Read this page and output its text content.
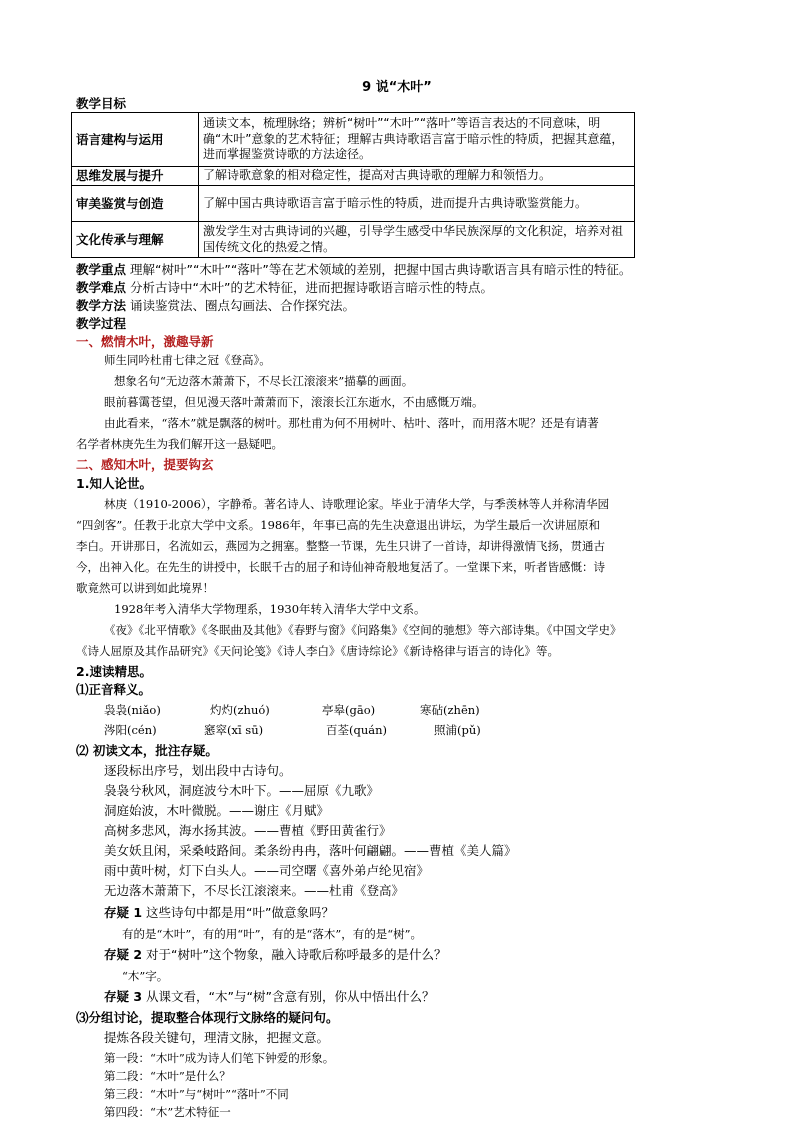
9 说“木叶”
教学目标
语言建构与运用	通读文本，梳理脉络；辨析“树叶”“木叶”“落叶”等语言表达的不同意味，明确“木叶”意象的艺术特征；理解古典诗歌语言富于暗示性的特质，把握其意蕴，进而掌握鉴赏诗歌的方法途径。
思维发展与提升	了解诗歌意象的相对稳定性，提高对古典诗歌的理解力和领悟力。
审美鉴赏与创造	了解中国古典诗歌语言富于暗示性的特质，进而提升古典诗歌鉴赏能力。
文化传承与理解	激发学生对古典诗词的兴趣，引导学生感受中华民族深厚的文化积淀，培养对祖国传统文化的热爱之情。
教学重点 理解“树叶”“木叶”“落叶”等在艺术领域的差别，把握中国古典诗歌语言具有暗示性的特征。
教学难点 分析古诗中“木叶”的艺术特征，进而把握诗歌语言暗示性的特点。
教学方法 诵读鉴赏法、圈点勾画法、合作探究法。
教学过程
一、燃情木叶，激趣导新
师生同吟杜甫七律之冠《登高》。
想象名句“无边落木萧萧下，不尽长江滚滚来”描摹的画面。
眼前暮霭苍望，但见漫天落叶萧萧而下，滚滚长江东逝水，不由感慨万端。
由此看来，“落木”就是飘落的树叶。那杜甫为何不用树叶、枯叶、落叶，而用落木呢？还是有请著
名学者林庚先生为我们解开这一悬疑吧。
二、感知木叶，提要钩玄
1.知人论世。
林庚（1910-2006），字静希。著名诗人、诗歌理论家。毕业于清华大学，与季羡林等人并称清华园
“四剑客”。任教于北京大学中文系。1986年，年事已高的先生决意退出讲坛，为学生最后一次讲屈原和
李白。开讲那日，名流如云，燕园为之拥塞。整整一节课，先生只讲了一首诗，却讲得激情飞扬，贯通古
今，出神入化。在先生的讲授中，长眠千古的屈子和诗仙神奇般地复活了。一堂课下来，听者皆感慨：诗
歌竟然可以讲到如此境界！
1928年考入清华大学物理系，1930年转入清华大学中文系。
《夜》《北平情歌》《冬眠曲及其他》《春野与窗》《问路集》《空间的驰想》等六部诗集。《中国文学史》
《诗人屈原及其作品研究》《天问论笺》《诗人李白》《唐诗综论》《新诗格律与语言的诗化》等。
2.速读精思。
⑴正音释义。
袅袅(niǎo)	灼灼(zhuó)	亭皋(gāo)	寒砧(zhēn)
涔阳(cén)	窸窣(xī sū)	百荃(quán)	照浦(pǔ)
⑵ 初读文本，批注存疑。
逐段标出序号，划出段中古诗句。
袅袅兮秋风，洞庭波兮木叶下。——屈原《九歌》
洞庭始波，木叶微脱。——谢庄《月赋》
高树多悲风，海水扬其波。——曹植《野田黄雀行》
美女妖且闲，采桑岐路间。柔条纷冉冉，落叶何翩翩。——曹植《美人篇》
雨中黄叶树，灯下白头人。——司空曙《喜外弟卢纶见宿》
无边落木萧萧下，不尽长江滚滚来。——杜甫《登高》
存疑 1 这些诗句中都是用“叶”做意象吗？
有的是“木叶”，有的用“叶”，有的是“落木”，有的是“树”。
存疑 2 对于“树叶”这个物象，融入诗歌后称呼最多的是什么？
“木”字。
存疑 3 从课文看，“木”与“树”含意有别，你从中悟出什么？
⑶分组讨论，提取整合体现行文脉络的疑问句。
提炼各段关键句，理清文脉，把握文意。
第一段：“木叶”成为诗人们笔下钟爱的形象。
第二段：“木叶”是什么？
第三段：“木叶”与“树叶”“落叶”不同
第四段：“木”艺术特征一
